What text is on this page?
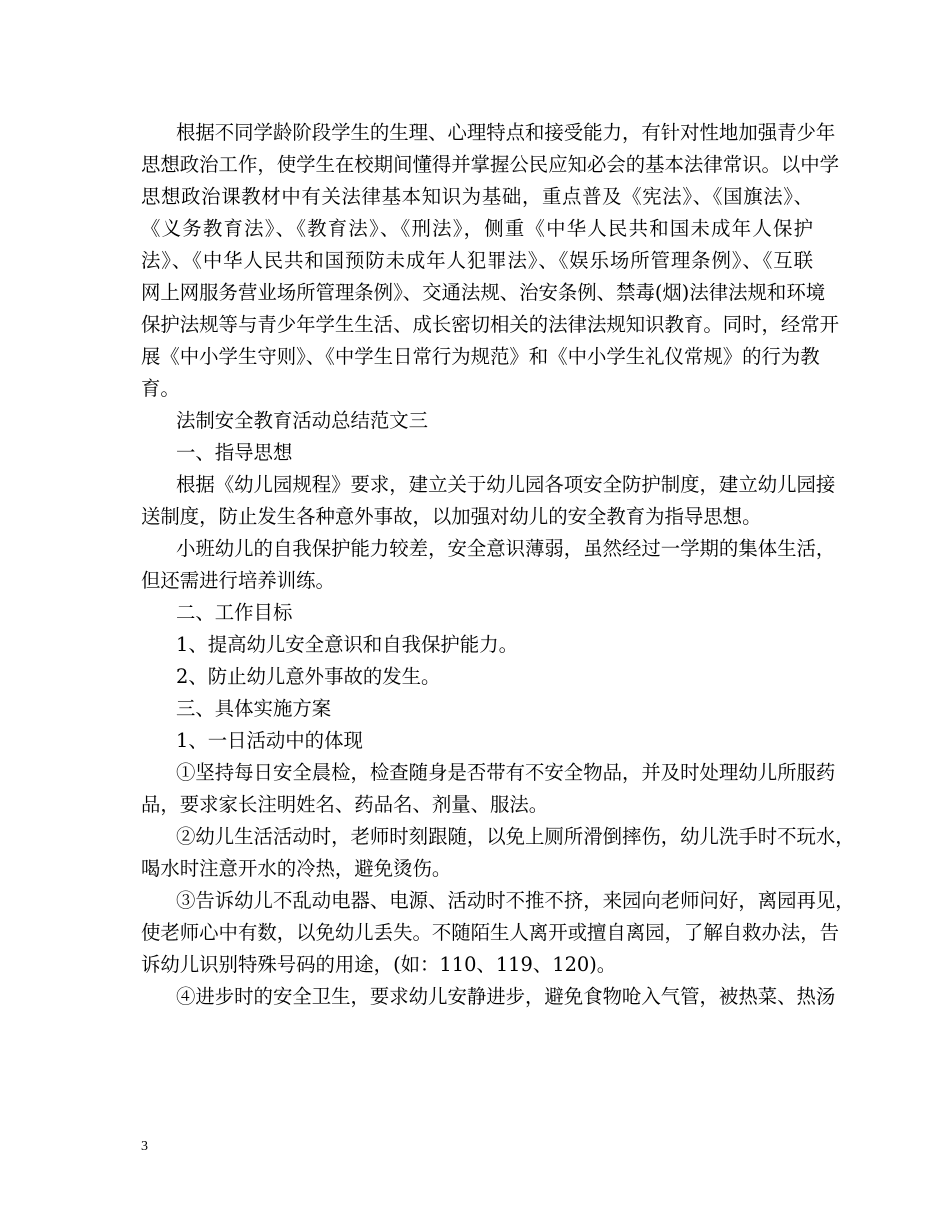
根据不同学龄阶段学生的生理、心理特点和接受能力，有针对性地加强青少年
思想政治工作，使学生在校期间懂得并掌握公民应知必会的基本法律常识。以中学
思想政治课教材中有关法律基本知识为基础，重点普及《宪法》、《国旗法》、
《义务教育法》、《教育法》、《刑法》，侧重《中华人民共和国未成年人保护
法》、《中华人民共和国预防未成年人犯罪法》、《娱乐场所管理条例》、《互联
网上网服务营业场所管理条例》、交通法规、治安条例、禁毒(烟)法律法规和环境
保护法规等与青少年学生生活、成长密切相关的法律法规知识教育。同时，经常开
展《中小学生守则》、《中学生日常行为规范》和《中小学生礼仪常规》的行为教
育。
法制安全教育活动总结范文三
一、指导思想
根据《幼儿园规程》要求，建立关于幼儿园各项安全防护制度，建立幼儿园接
送制度，防止发生各种意外事故，以加强对幼儿的安全教育为指导思想。
小班幼儿的自我保护能力较差，安全意识薄弱，虽然经过一学期的集体生活，
但还需进行培养训练。
二、工作目标
1、提高幼儿安全意识和自我保护能力。
2、防止幼儿意外事故的发生。
三、具体实施方案
1、一日活动中的体现
①坚持每日安全晨检，检查随身是否带有不安全物品，并及时处理幼儿所服药
品，要求家长注明姓名、药品名、剂量、服法。
②幼儿生活活动时，老师时刻跟随，以免上厕所滑倒摔伤，幼儿洗手时不玩水，
喝水时注意开水的冷热，避免烫伤。
③告诉幼儿不乱动电器、电源、活动时不推不挤，来园向老师问好，离园再见，
使老师心中有数，以免幼儿丢失。不随陌生人离开或擅自离园，了解自救办法，告
诉幼儿识别特殊号码的用途，(如：110、119、120)。
④进步时的安全卫生，要求幼儿安静进步，避免食物呛入气管，被热菜、热汤
3
